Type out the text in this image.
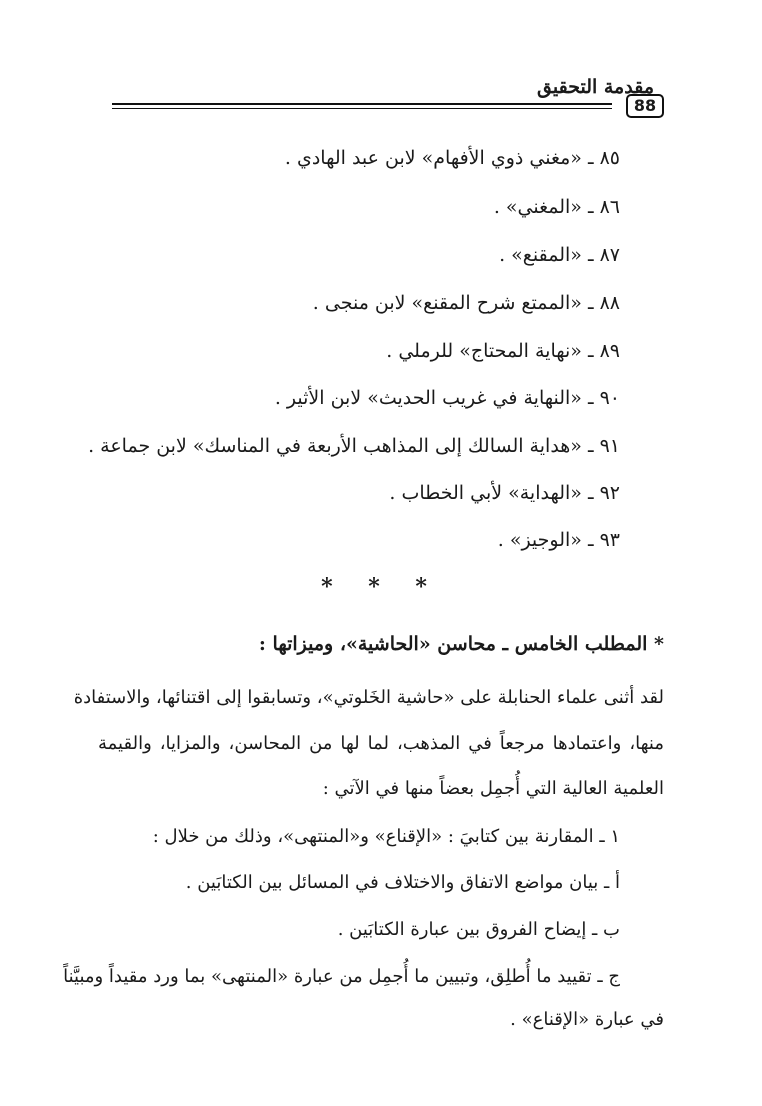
مقدمة التحقيق
88
٨٥ ـ «مغني ذوي الأفهام» لابن عبد الهادي .
٨٦ ـ «المغني» .
٨٧ ـ «المقنع» .
٨٨ ـ «الممتع شرح المقنع» لابن منجى .
٨٩ ـ «نهاية المحتاج» للرملي .
٩٠ ـ «النهاية في غريب الحديث» لابن الأثير .
٩١ ـ «هداية السالك إلى المذاهب الأربعة في المناسك» لابن جماعة .
٩٢ ـ «الهداية» لأبي الخطاب .
٩٣ ـ «الوجيز» .
* * *
* المطلب الخامس ـ محاسن «الحاشية»، وميزاتها :
لقد أثنى علماء الحنابلة على «حاشية الخَلوتي»، وتسابقوا إلى اقتنائها، والاستفادة
منها، واعتمادها مرجعاً في المذهب، لما لها من المحاسن، والمزايا، والقيمة
العلمية العالية التي أُجمِل بعضاً منها في الآتي :
١ ـ المقارنة بين كتابيَ : «الإقناع» و«المنتهى»، وذلك من خلال :
أ ـ بيان مواضع الاتفاق والاختلاف في المسائل بين الكتابَين .
ب ـ إيضاح الفروق بين عبارة الكتابَين .
ج ـ تقييد ما أُطلِق، وتبيين ما أُجمِل من عبارة «المنتهى» بما ورد مقيداً ومبيَّناً
في عبارة «الإقناع» .
